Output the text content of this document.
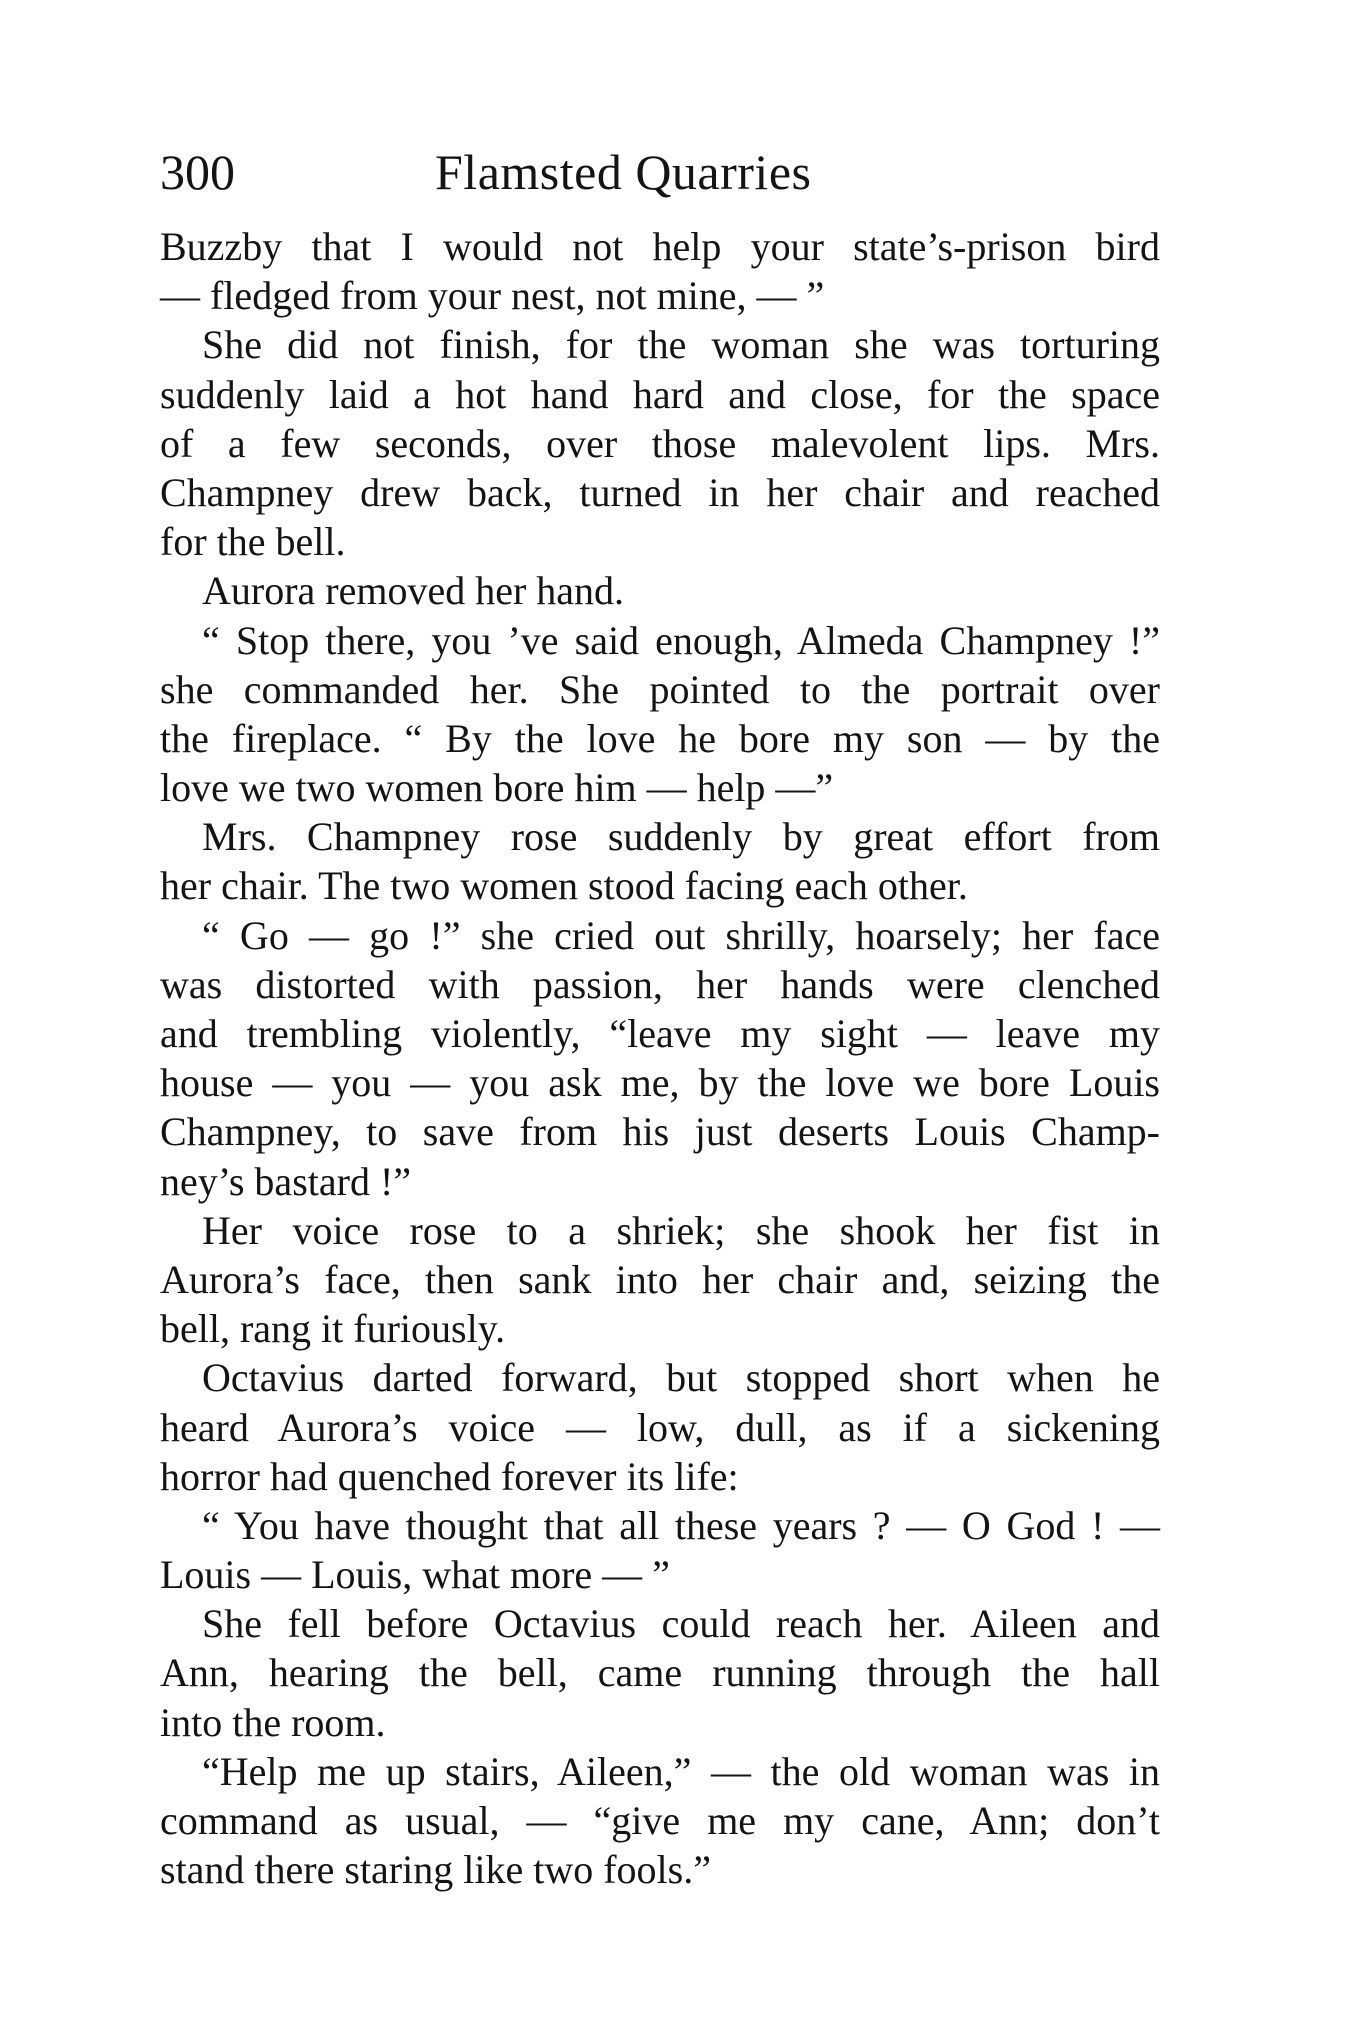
300	Flamsted Quarries
Buzzby that I would not help your state’s-prison bird
— fledged from your nest, not mine, — ”
She did not finish, for the woman she was torturing
suddenly laid a hot hand hard and close, for the space
of a few seconds, over those malevolent lips. Mrs.
Champney drew back, turned in her chair and reached
for the bell.
Aurora removed her hand.
“ Stop there, you ’ve said enough, Almeda Champney !”
she commanded her. She pointed to the portrait over
the fireplace. “ By the love he bore my son — by the
love we two women bore him — help —”
Mrs. Champney rose suddenly by great effort from
her chair. The two women stood facing each other.
“ Go — go !” she cried out shrilly, hoarsely; her face
was distorted with passion, her hands were clenched
and trembling violently, “leave my sight — leave my
house — you — you ask me, by the love we bore Louis
Champney, to save from his just deserts Louis Champ-
ney’s bastard !”
Her voice rose to a shriek; she shook her fist in
Aurora’s face, then sank into her chair and, seizing the
bell, rang it furiously.
Octavius darted forward, but stopped short when he
heard Aurora’s voice — low, dull, as if a sickening
horror had quenched forever its life:
“ You have thought that all these years ? — O God ! —
Louis — Louis, what more — ”
She fell before Octavius could reach her. Aileen and
Ann, hearing the bell, came running through the hall
into the room.
“Help me up stairs, Aileen,” — the old woman was in
command as usual, — “give me my cane, Ann; don’t
stand there staring like two fools.”
